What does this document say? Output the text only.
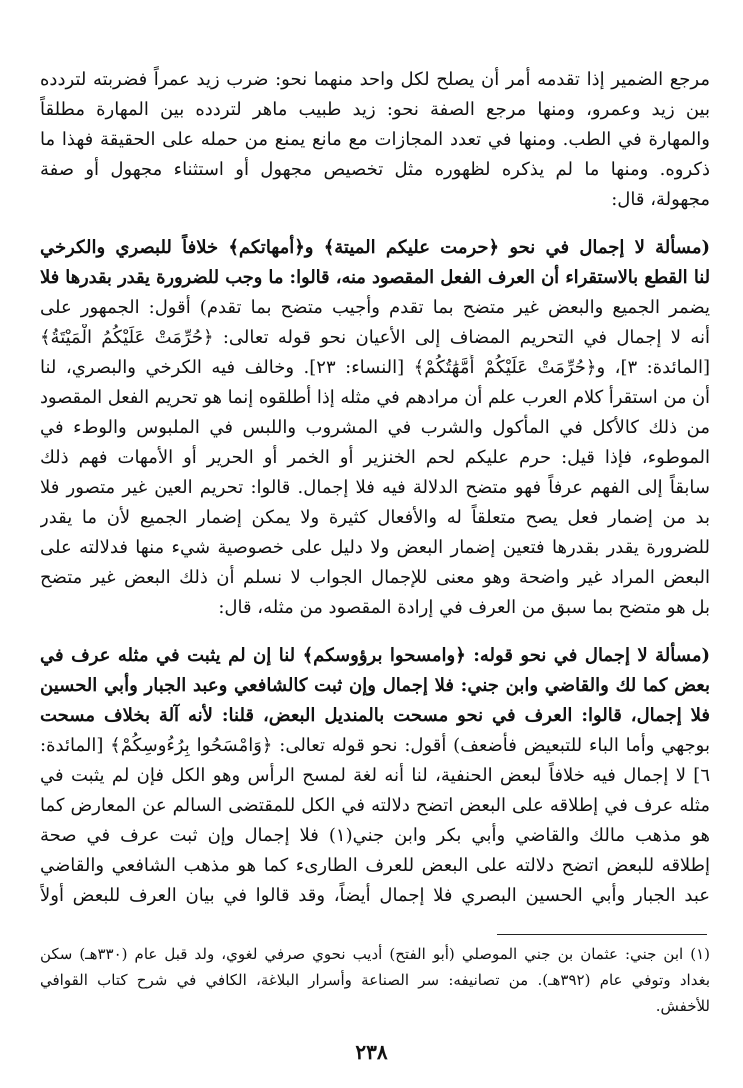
مرجع الضمير إذا تقدمه أمر أن يصلح لكل واحد منهما نحو: ضرب زيد عمراً فضربته لتردده
بين زيد وعمرو، ومنها مرجع الصفة نحو: زيد طبيب ماهر لتردده بين المهارة مطلقاً
والمهارة في الطب. ومنها في تعدد المجازات مع مانع يمنع من حمله على الحقيقة فهذا ما
ذكروه. ومنها ما لم يذكره لظهوره مثل تخصيص مجهول أو استثناء مجهول أو صفة
مجهولة، قال:
(مسألة لا إجمال في نحو ﴿حرمت عليكم الميتة﴾ و﴿أمهاتكم﴾ خلافاً للبصري والكرخي
لنا القطع بالاستقراء أن العرف الفعل المقصود منه، قالوا: ما وجب للضرورة يقدر بقدرها فلا
يضمر الجميع والبعض غير متضح بما تقدم وأجيب متضح بما تقدم) أقول: الجمهور على
أنه لا إجمال في التحريم المضاف إلى الأعيان نحو قوله تعالى: ﴿حُرِّمَتْ عَلَيْكُمُ الْمَيْتَةُ﴾
[المائدة: ٣]، و﴿حُرِّمَتْ عَلَيْكُمْ أُمَّهَٰتُكُمْ﴾ [النساء: ٢٣]. وخالف فيه الكرخي والبصري، لنا
أن من استقرأ كلام العرب علم أن مرادهم في مثله إذا أطلقوه إنما هو تحريم الفعل المقصود
من ذلك كالأكل في المأكول والشرب في المشروب واللبس في الملبوس والوطء في
الموطوء، فإذا قيل: حرم عليكم لحم الخنزير أو الخمر أو الحرير أو الأمهات فهم ذلك
سابقاً إلى الفهم عرفاً فهو متضح الدلالة فيه فلا إجمال. قالوا: تحريم العين غير متصور فلا
بد من إضمار فعل يصح متعلقاً له والأفعال كثيرة ولا يمكن إضمار الجميع لأن ما يقدر
للضرورة يقدر بقدرها فتعين إضمار البعض ولا دليل على خصوصية شيء منها فدلالته على
البعض المراد غير واضحة وهو معنى للإجمال الجواب لا نسلم أن ذلك البعض غير متضح
بل هو متضح بما سبق من العرف في إرادة المقصود من مثله، قال:
(مسألة لا إجمال في نحو قوله: ﴿وامسحوا برؤوسكم﴾ لنا إن لم يثبت في مثله عرف في
بعض كما لك والقاضي وابن جني: فلا إجمال وإن ثبت كالشافعي وعبد الجبار وأبي الحسين
فلا إجمال، قالوا: العرف في نحو مسحت بالمنديل البعض، قلنا: لأنه آلة بخلاف مسحت
بوجهي وأما الباء للتبعيض فأضعف) أقول: نحو قوله تعالى: ﴿وَامْسَحُوا بِرُءُوسِكُمْ﴾ [المائدة:
٦] لا إجمال فيه خلافاً لبعض الحنفية، لنا أنه لغة لمسح الرأس وهو الكل فإن لم يثبت في
مثله عرف في إطلاقه على البعض اتضح دلالته في الكل للمقتضى السالم عن المعارض كما
هو مذهب مالك والقاضي وأبي بكر وابن جني(١) فلا إجمال وإن ثبت عرف في صحة
إطلاقه للبعض اتضح دلالته على البعض للعرف الطارىء كما هو مذهب الشافعي والقاضي
عبد الجبار وأبي الحسين البصري فلا إجمال أيضاً، وقد قالوا في بيان العرف للبعض أولاً
(١) ابن جني: عثمان بن جني الموصلي (أبو الفتح) أديب نحوي صرفي لغوي، ولد قبل عام (٣٣٠هـ) سكن
بغداد وتوفي عام (٣٩٢هـ). من تصانيفه: سر الصناعة وأسرار البلاغة، الكافي في شرح كتاب القوافي
للأخفش.
٢٣٨
